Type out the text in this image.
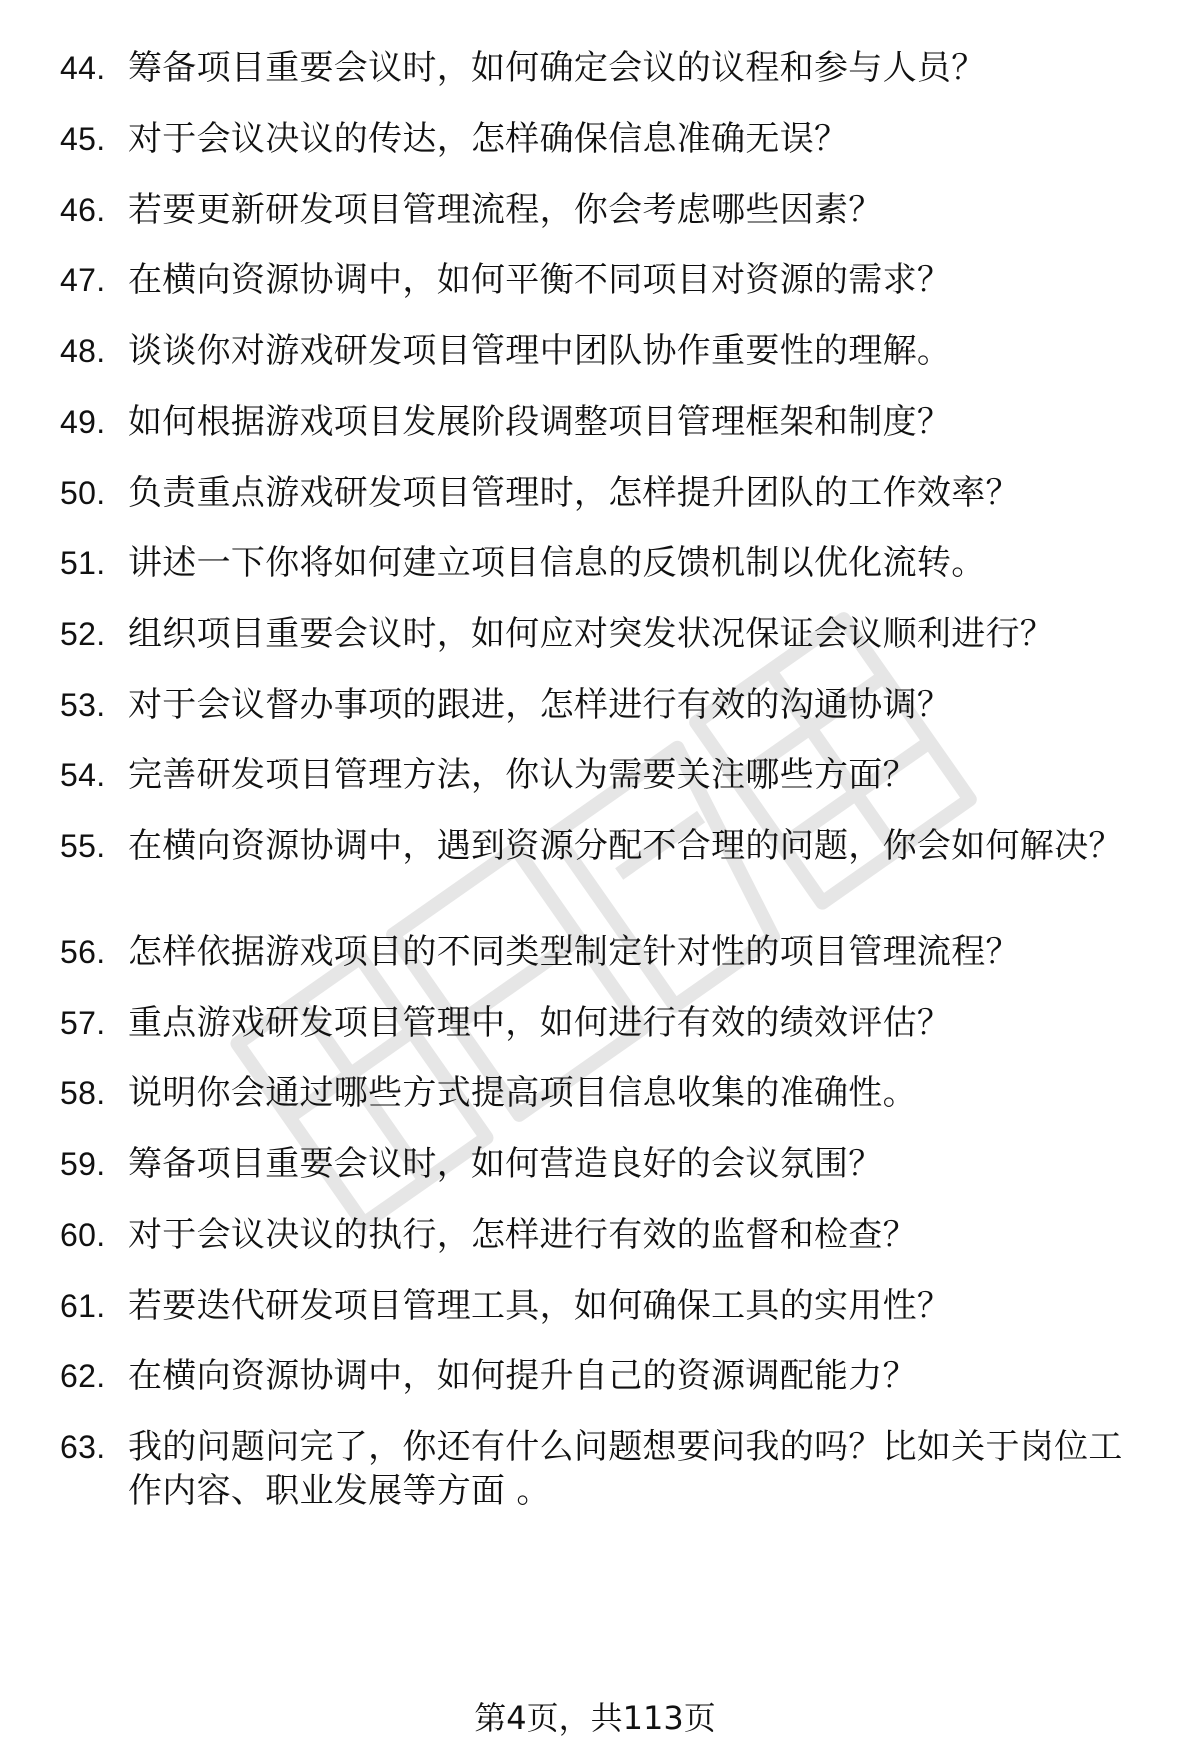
44. 筹备项目重要会议时，如何确定会议的议程和参与人员？
45. 对于会议决议的传达，怎样确保信息准确无误？
46. 若要更新研发项目管理流程，你会考虑哪些因素？
47. 在横向资源协调中，如何平衡不同项目对资源的需求？
48. 谈谈你对游戏研发项目管理中团队协作重要性的理解。
49. 如何根据游戏项目发展阶段调整项目管理框架和制度？
50. 负责重点游戏研发项目管理时，怎样提升团队的工作效率？
51. 讲述一下你将如何建立项目信息的反馈机制以优化流转。
52. 组织项目重要会议时，如何应对突发状况保证会议顺利进行？
53. 对于会议督办事项的跟进，怎样进行有效的沟通协调？
54. 完善研发项目管理方法，你认为需要关注哪些方面？
55. 在横向资源协调中，遇到资源分配不合理的问题，你会如何解决？
56. 怎样依据游戏项目的不同类型制定针对性的项目管理流程？
57. 重点游戏研发项目管理中，如何进行有效的绩效评估？
58. 说明你会通过哪些方式提高项目信息收集的准确性。
59. 筹备项目重要会议时，如何营造良好的会议氛围？
60. 对于会议决议的执行，怎样进行有效的监督和检查？
61. 若要迭代研发项目管理工具，如何确保工具的实用性？
62. 在横向资源协调中，如何提升自己的资源调配能力？
63. 我的问题问完了，你还有什么问题想要问我的吗？比如关于岗位工作内容、职业发展等方面 。
第4页，共113页
